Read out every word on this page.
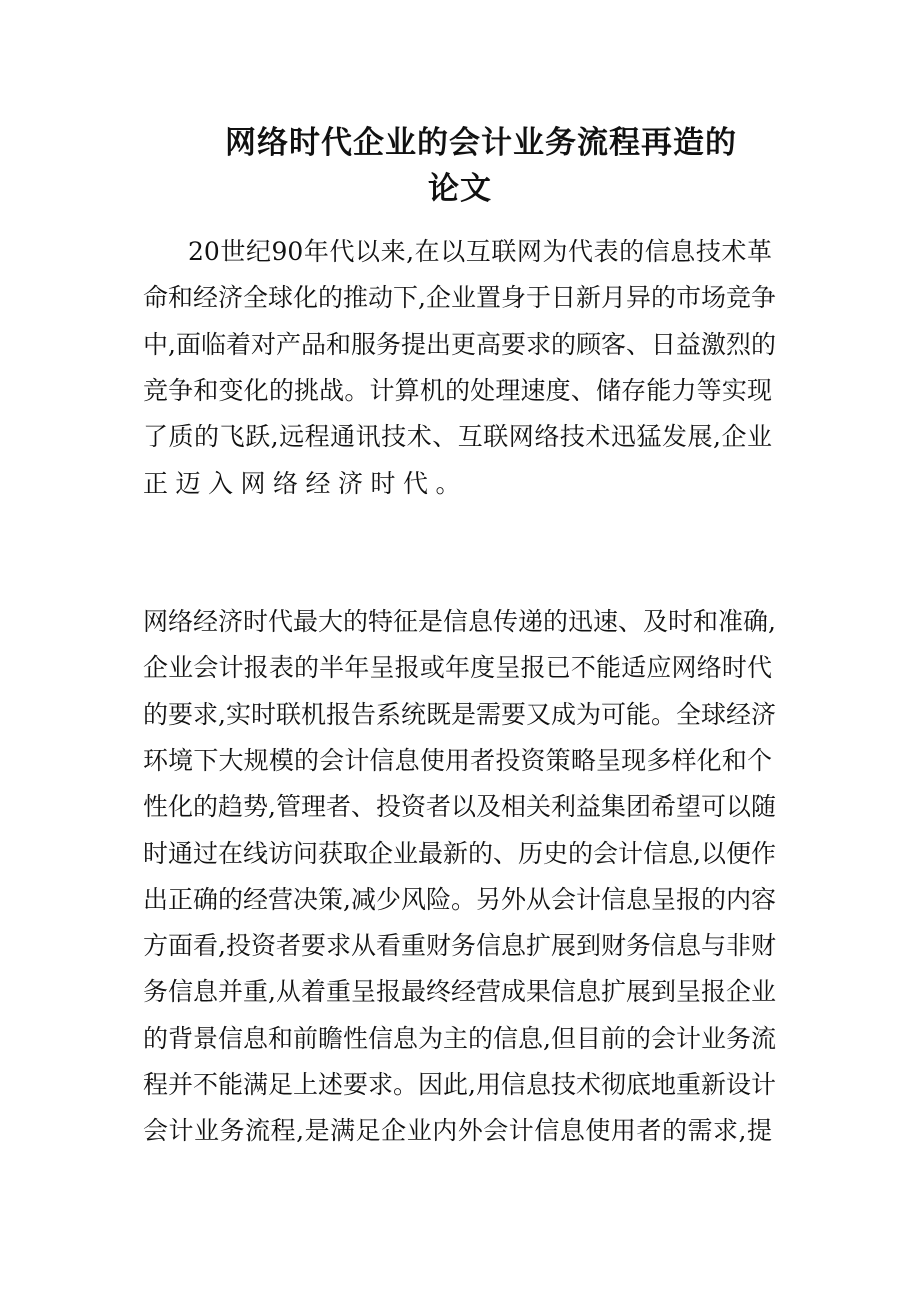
网络时代企业的会计业务流程再造的
论文
20世纪90年代以来,在以互联网为代表的信息技术革
命和经济全球化的推动下,企业置身于日新月异的市场竞争
中,面临着对产品和服务提出更高要求的顾客、日益激烈的
竞争和变化的挑战。计算机的处理速度、储存能力等实现
了质的飞跃,远程通讯技术、互联网络技术迅猛发展,企业
正迈入网络经济时代。
网络经济时代最大的特征是信息传递的迅速、及时和准确,
企业会计报表的半年呈报或年度呈报已不能适应网络时代
的要求,实时联机报告系统既是需要又成为可能。全球经济
环境下大规模的会计信息使用者投资策略呈现多样化和个
性化的趋势,管理者、投资者以及相关利益集团希望可以随
时通过在线访问获取企业最新的、历史的会计信息,以便作
出正确的经营决策,减少风险。另外从会计信息呈报的内容
方面看,投资者要求从看重财务信息扩展到财务信息与非财
务信息并重,从着重呈报最终经营成果信息扩展到呈报企业
的背景信息和前瞻性信息为主的信息,但目前的会计业务流
程并不能满足上述要求。因此,用信息技术彻底地重新设计
会计业务流程,是满足企业内外会计信息使用者的需求,提
